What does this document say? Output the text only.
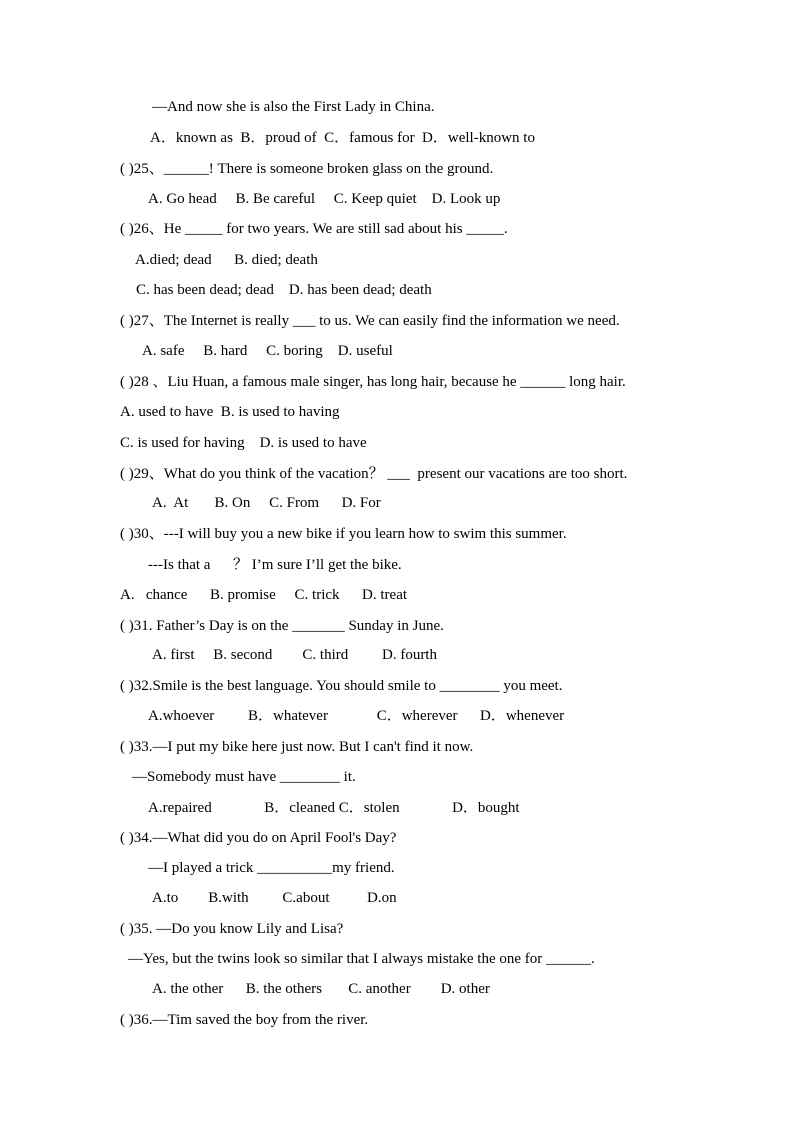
—And now she is also the First Lady in China.
A．known as  B．proud of  C．famous for  D．well-known to
( )25、______! There is someone broken glass on the ground.
A. Go head     B. Be careful     C. Keep quiet    D. Look up
( )26、He _____ for two years. We are still sad about his _____.
A.died; dead      B. died; death
C. has been dead; dead    D. has been dead; death
( )27、The Internet is really ___ to us. We can easily find the information we need.
A. safe     B. hard     C. boring    D. useful
( )28 、Liu Huan, a famous male singer, has long hair, because he ______ long hair.
A. used to have  B. is used to having
C. is used for having    D. is used to have
( )29、What do you think of the vacation？ ___  present our vacations are too short.
A.  At       B. On     C. From      D. For
( )30、---I will buy you a new bike if you learn how to swim this summer.
---Is that a      ？ I’m sure I’ll get the bike.
A.   chance      B. promise     C. trick      D. treat
( )31. Father’s Day is on the _______ Sunday in June.
A. first     B. second        C. third         D. fourth
( )32.Smile is the best language. You should smile to ________ you meet.
A.whoever         B．whatever             C．wherever      D．whenever
( )33.—I put my bike here just now. But I can't find it now.
—Somebody must have ________ it.
A.repaired              B．cleaned C．stolen              D．bought
( )34.—What did you do on April Fool's Day?
—I played a trick __________my friend.
A.to        B.with         C.about          D.on
( )35. —Do you know Lily and Lisa?
—Yes, but the twins look so similar that I always mistake the one for ______.
A. the other      B. the others       C. another        D. other
( )36.—Tim saved the boy from the river.
